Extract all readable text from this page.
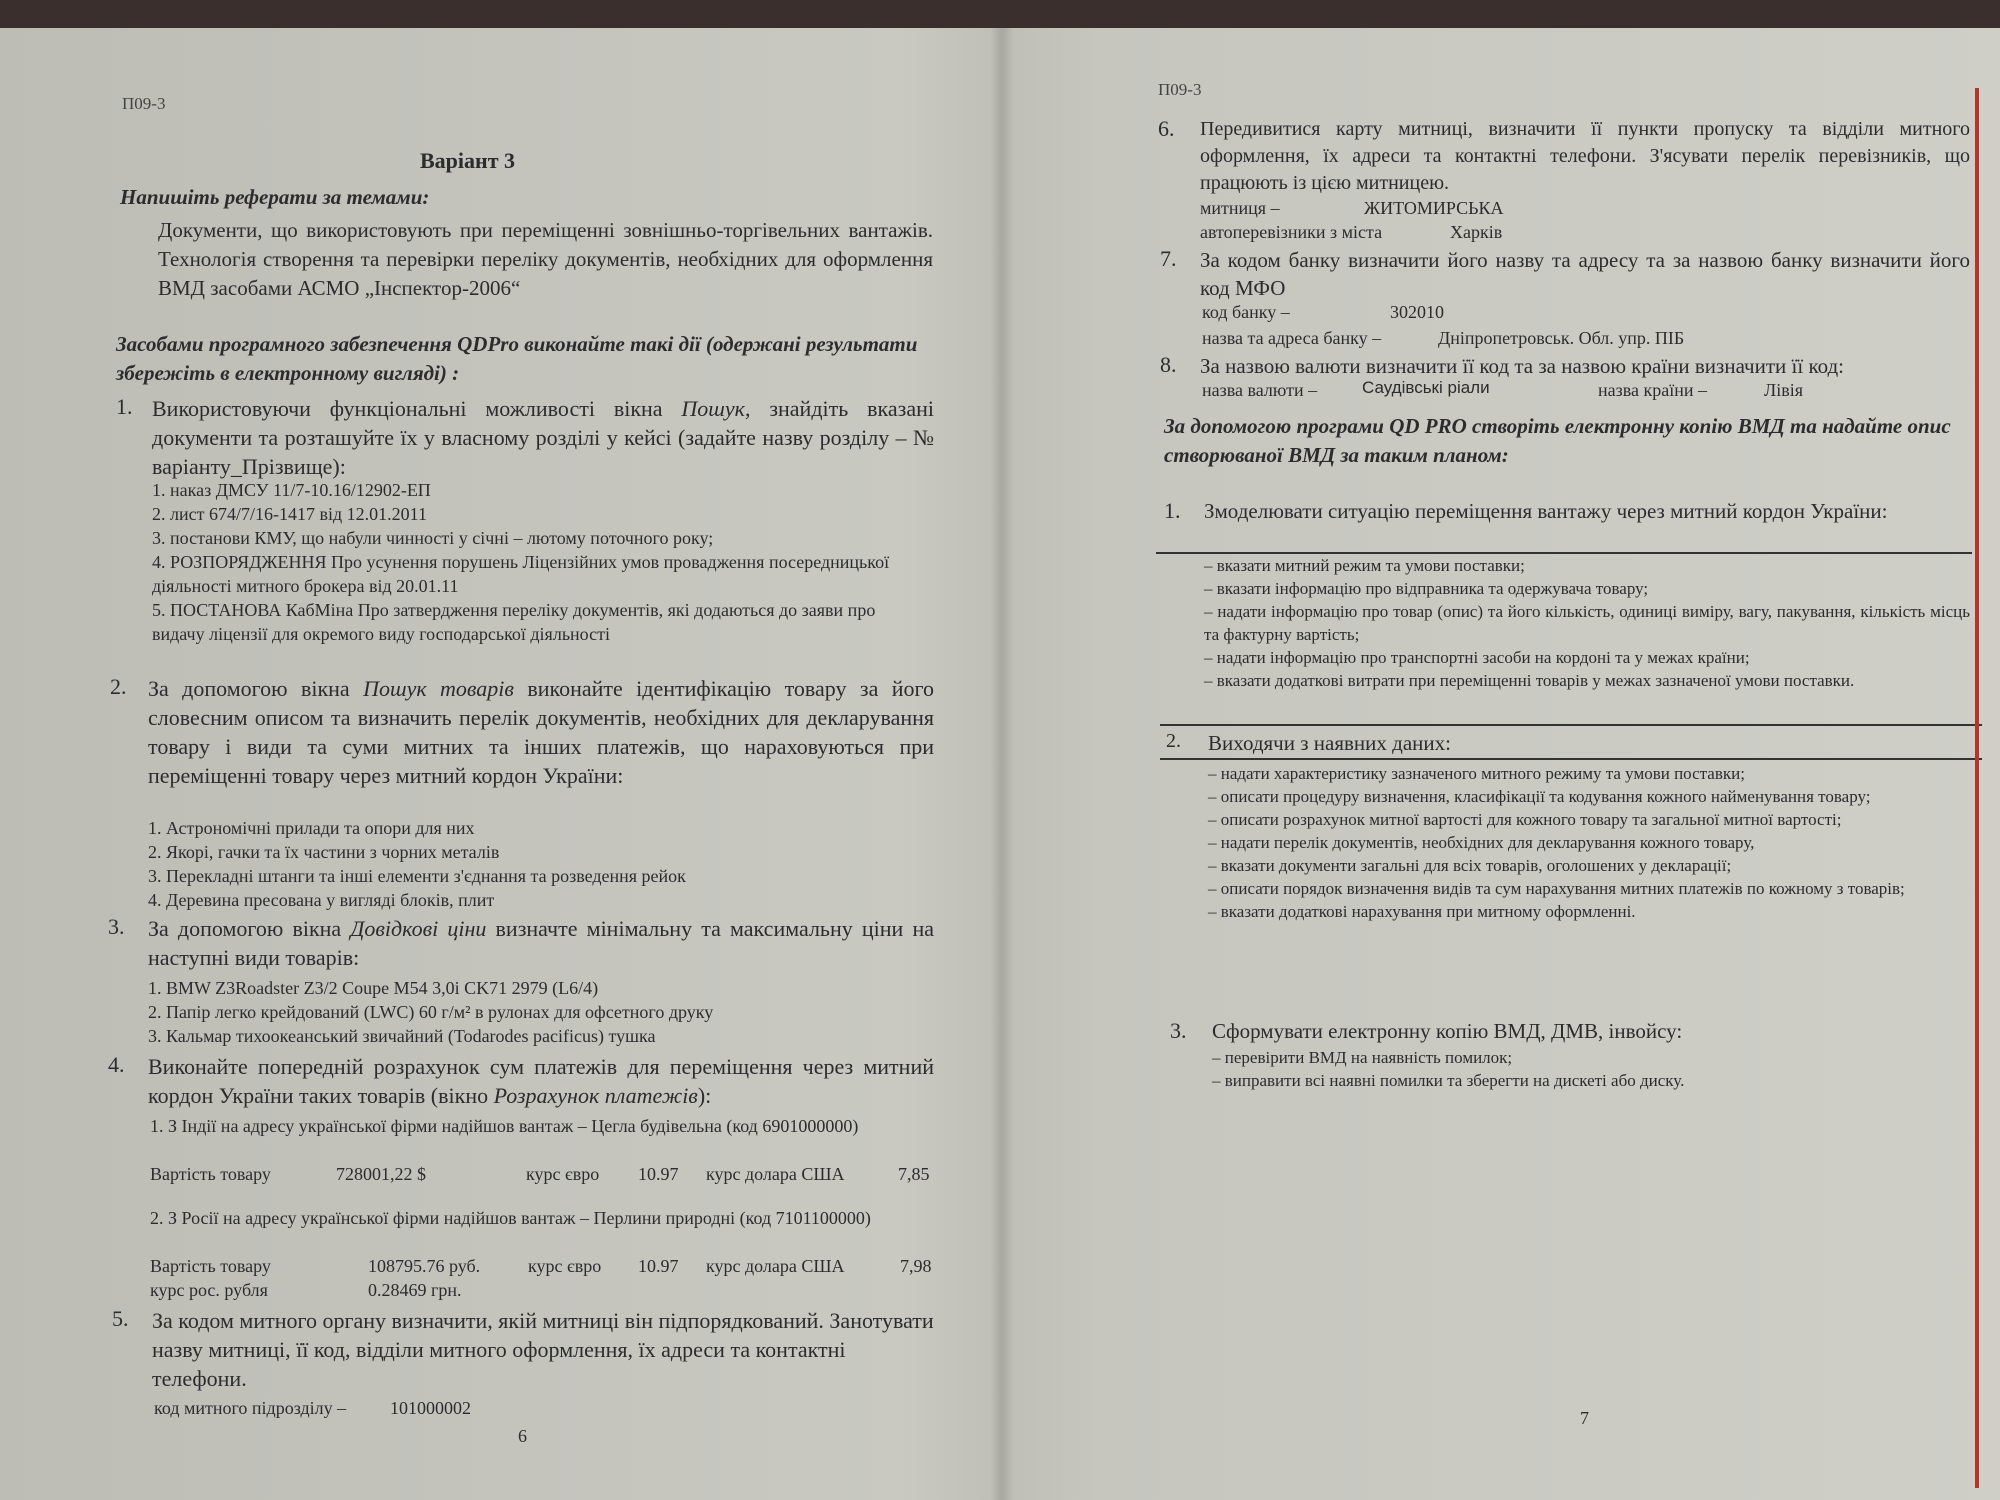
П09-3
Варіант 3
Напишіть реферати за темами:
Документи, що використовують при переміщенні зовнішньо-торгівельних вантажів. Технологія створення та перевірки переліку документів, необхідних для оформлення ВМД засобами АСМО „Інспектор-2006“
Засобами програмного забезпечення QDPro виконайте такі дії (одержані результати збережіть в електронному вигляді) :
1. Використовуючи функціональні можливості вікна Пошук, знайдіть вказані документи та розташуйте їх у власному розділі у кейсі (задайте назву розділу – № варіанту_Прізвище):
1. наказ ДМСУ 11/7-10.16/12902-ЕП
2. лист 674/7/16-1417 від 12.01.2011
3. постанови КМУ, що набули чинності у січні – лютому поточного року;
4. РОЗПОРЯДЖЕННЯ Про усунення порушень Ліцензійних умов провадження посередницької діяльності митного брокера від 20.01.11
5. ПОСТАНОВА КабМіна Про затвердження переліку документів, які додаються до заяви про видачу ліцензії для окремого виду господарської діяльності
2. За допомогою вікна Пошук товарів виконайте ідентифікацію товару за його словесним описом та визначить перелік документів, необхідних для декларування товару і види та суми митних та інших платежів, що нараховуються при переміщенні товару через митний кордон України:
1. Астрономічні прилади та опори для них
2. Якорі, гачки та їх частини з чорних металів
3. Перекладні штанги та інші елементи з'єднання та розведення рейок
4. Деревина пресована у вигляді блоків, плит
3. За допомогою вікна Довідкові ціни визначте мінімальну та максимальну ціни на наступні види товарів:
1. BMW Z3Roadster Z3/2 Coupe M54 3,0i CK71 2979 (L6/4)
2. Папір легко крейдований (LWC) 60 г/м² в рулонах для офсетного друку
3. Кальмар тихоокеанський звичайний (Todarodes pacificus) тушка
4. Виконайте попередній розрахунок сум платежів для переміщення через митний кордон України таких товарів (вікно Розрахунок платежів):
1. З Індії на адресу української фірми надійшов вантаж – Цегла будівельна (код 6901000000)
Вартість товару	728001,22 $	курс євро 10.97 курс долара США	7,85
2. З Росії на адресу української фірми надійшов вантаж – Перлини природні (код 7101100000)
Вартість товару	108795.76 руб.	курс євро 10.97 курс долара США	7,98
курс рос. рубля	0.28469 грн.
5. За кодом митного органу визначити, якій митниці він підпорядкований. Занотувати назву митниці, її код, відділи митного оформлення, їх адреси та контактні телефони.
код митного підрозділу – 101000002
6
П09-3
6. Передивитися карту митниці, визначити її пункти пропуску та відділи митного оформлення, їх адреси та контактні телефони. З'ясувати перелік перевізників, що працюють із цією митницею.
митниця –	ЖИТОМИРСЬКА
автоперевізники з міста	Харків
7. За кодом банку визначити його назву та адресу та за назвою банку визначити його код МФО
код банку –	302010
назва та адреса банку –	Дніпропетровськ. Обл. упр. ПІБ
8. За назвою валюти визначити її код та за назвою країни визначити її код:
назва валюти –	Саудівські ріали	назва країни –	Лівія
За допомогою програми QD PRO створіть електронну копію ВМД та надайте опис створюваної ВМД за таким планом:
1. Змоделювати ситуацію переміщення вантажу через митний кордон України:
– вказати митний режим та умови поставки;
– вказати інформацію про відправника та одержувача товару;
– надати інформацію про товар (опис) та його кількість, одиниці виміру, вагу, пакування, кількість місць та фактурну вартість;
– надати інформацію про транспортні засоби на кордоні та у межах країни;
– вказати додаткові витрати при переміщенні товарів у межах зазначеної умови поставки.
2. Виходячи з наявних даних:
– надати характеристику зазначеного митного режиму та умови поставки;
– описати процедуру визначення, класифікації та кодування кожного найменування товару;
– описати розрахунок митної вартості для кожного товару та загальної митної вартості;
– надати перелік документів, необхідних для декларування кожного товару,
– вказати документи загальні для всіх товарів, оголошених у декларації;
– описати порядок визначення видів та сум нарахування митних платежів по кожному з товарів;
– вказати додаткові нарахування при митному оформленні.
3. Сформувати електронну копію ВМД, ДМВ, інвойсу:
– перевірити ВМД на наявність помилок;
– виправити всі наявні помилки та зберегти на дискеті або диску.
7
